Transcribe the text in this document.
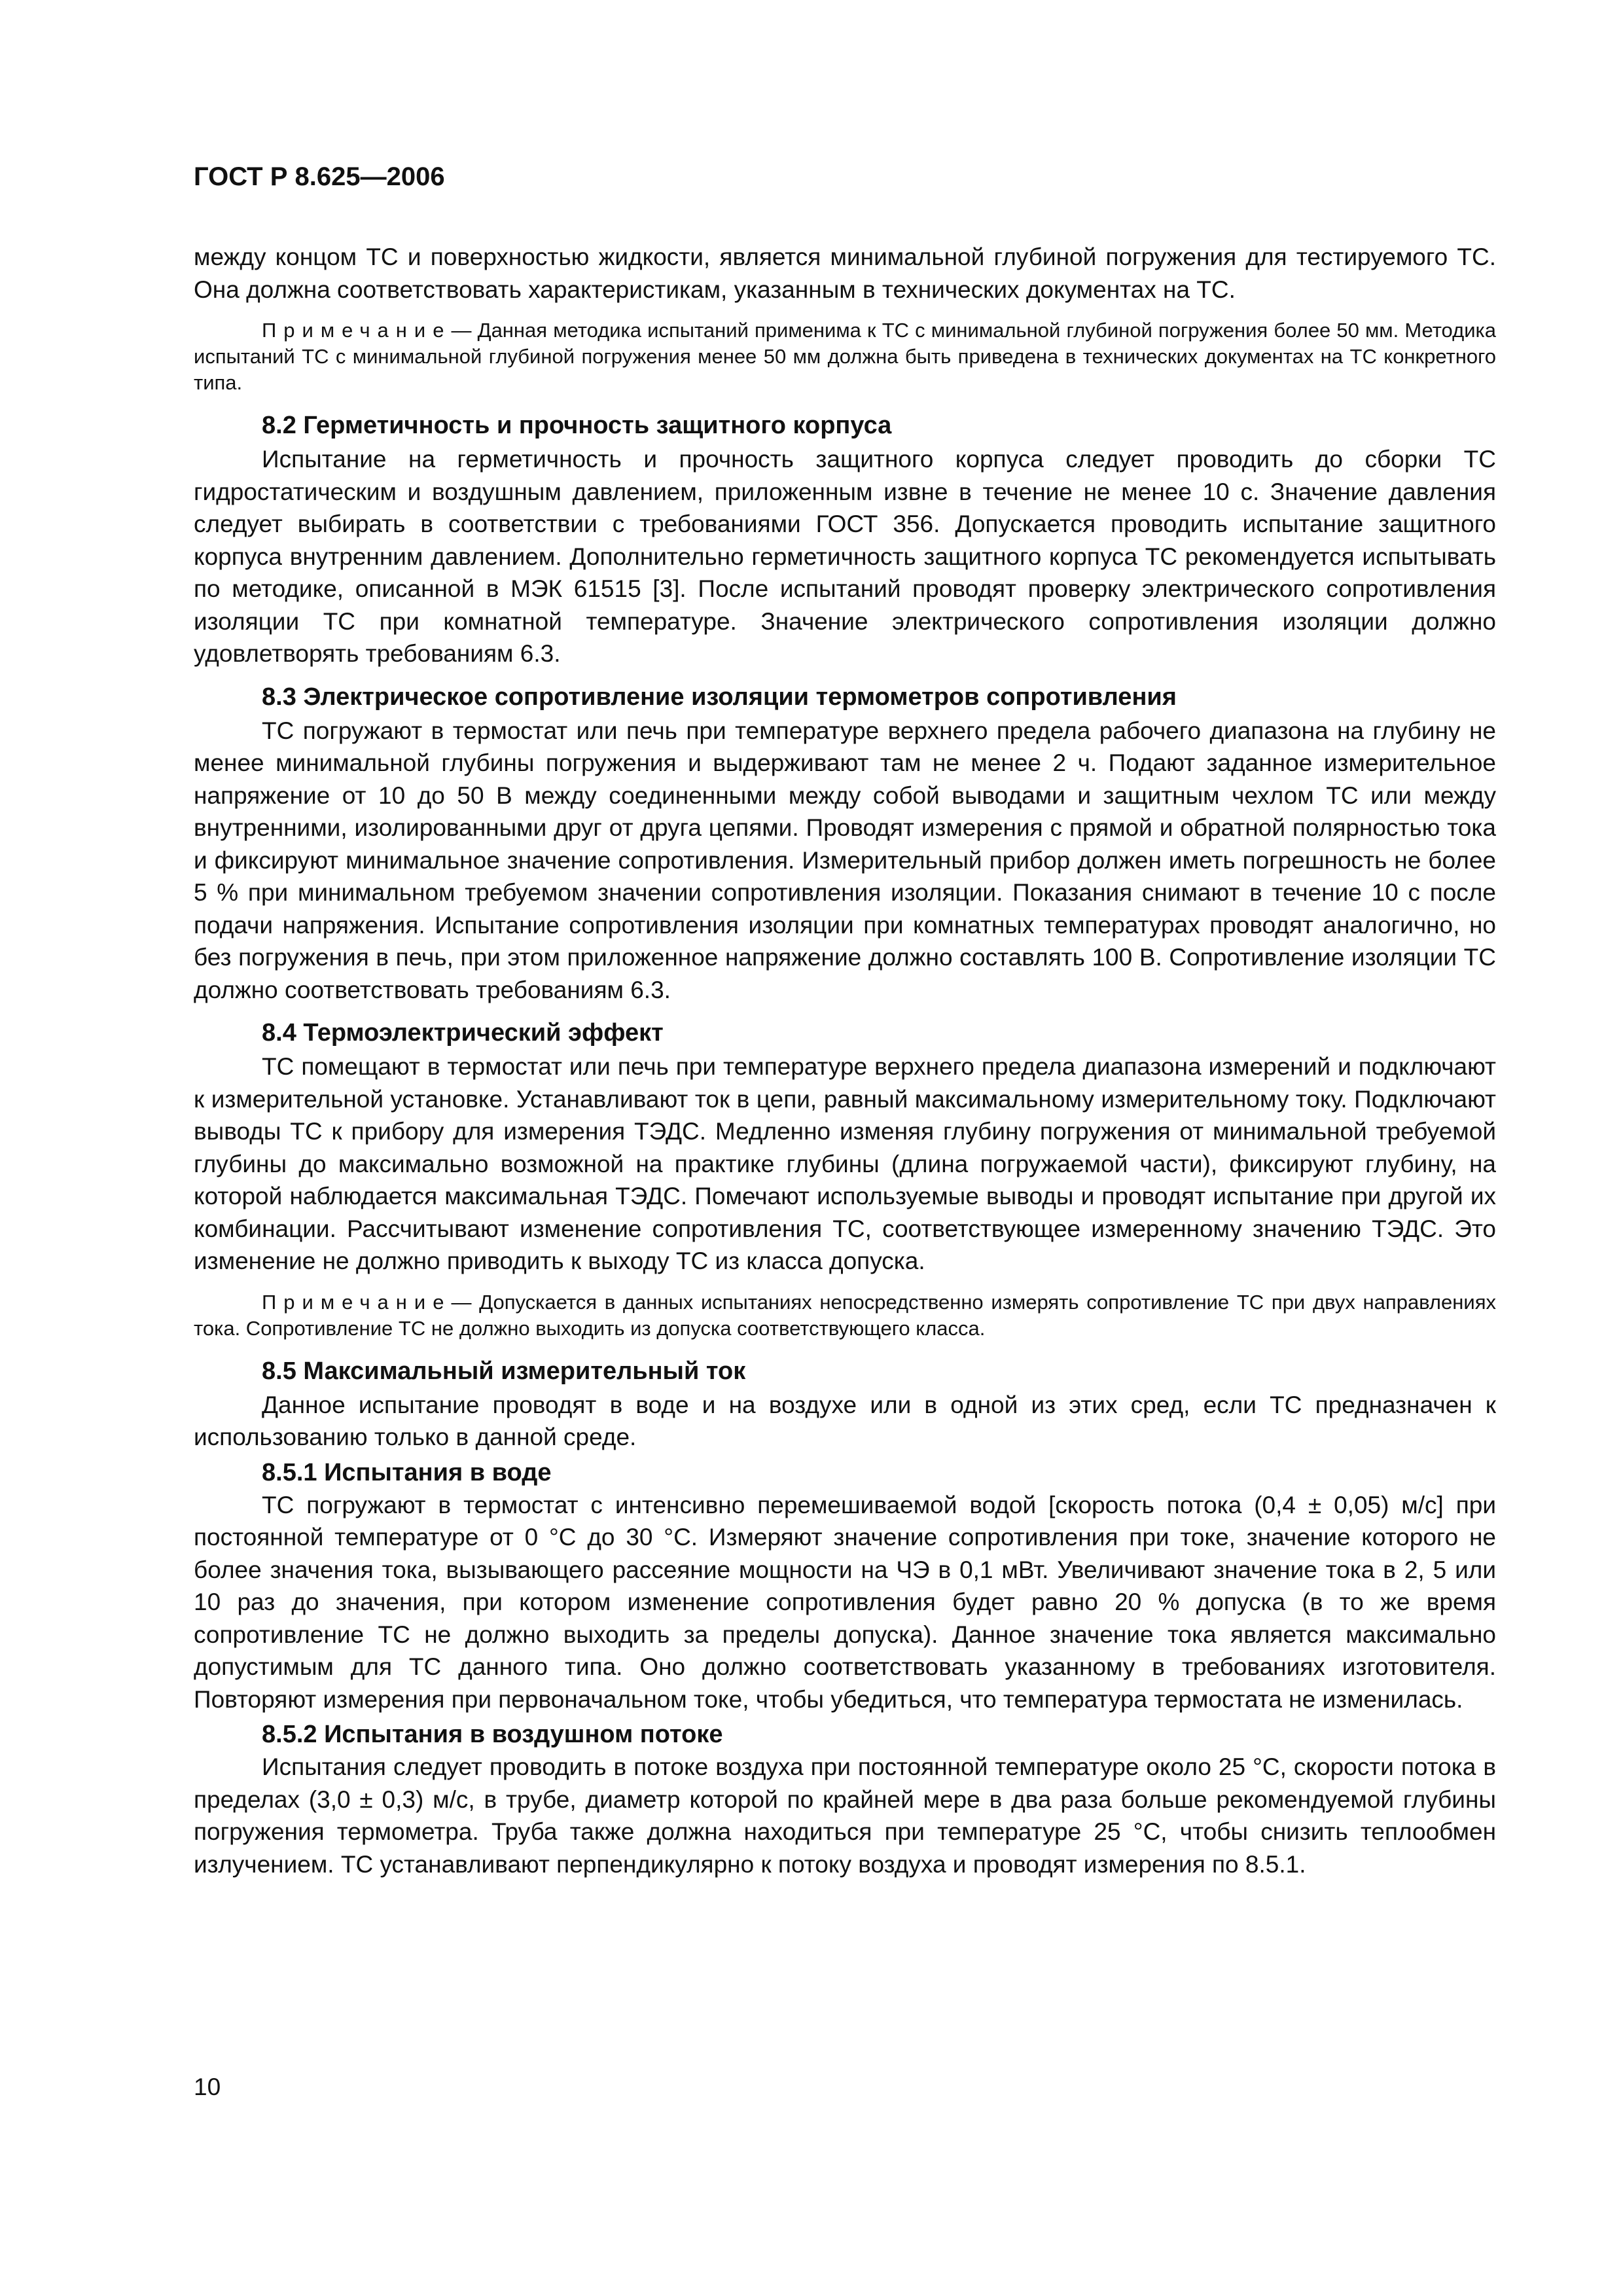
ГОСТ Р 8.625—2006

между концом ТС и поверхностью жидкости, является минимальной глубиной погружения для тестируемого ТС. Она должна соответствовать характеристикам, указанным в технических документах на ТС.

Примечание— Данная методика испытаний применима к ТС с минимальной глубиной погружения более 50 мм. Методика испытаний ТС с минимальной глубиной погружения менее 50 мм должна быть приведена в технических документах на ТС конкретного типа.

8.2 Герметичность и прочность защитного корпуса

Испытание на герметичность и прочность защитного корпуса следует проводить до сборки ТС гидростатическим и воздушным давлением, приложенным извне в течение не менее 10 с. Значение давления следует выбирать в соответствии с требованиями ГОСТ 356. Допускается проводить испытание защитного корпуса внутренним давлением. Дополнительно герметичность защитного корпуса ТС рекомендуется испытывать по методике, описанной в МЭК 61515 [3]. После испытаний проводят проверку электрического сопротивления изоляции ТС при комнатной температуре. Значение электрического сопротивления изоляции должно удовлетворять требованиям 6.3.

8.3 Электрическое сопротивление изоляции термометров сопротивления

ТС погружают в термостат или печь при температуре верхнего предела рабочего диапазона на глубину не менее минимальной глубины погружения и выдерживают там не менее 2 ч. Подают заданное измерительное напряжение от 10 до 50 В между соединенными между собой выводами и защитным чехлом ТС или между внутренними, изолированными друг от друга цепями. Проводят измерения с прямой и обратной полярностью тока и фиксируют минимальное значение сопротивления. Измерительный прибор должен иметь погрешность не более 5 % при минимальном требуемом значении сопротивления изоляции. Показания снимают в течение 10 с после подачи напряжения. Испытание сопротивления изоляции при комнатных температурах проводят аналогично, но без погружения в печь, при этом приложенное напряжение должно составлять 100 В. Сопротивление изоляции ТС должно соответствовать требованиям 6.3.

8.4 Термоэлектрический эффект

ТС помещают в термостат или печь при температуре верхнего предела диапазона измерений и подключают к измерительной установке. Устанавливают ток в цепи, равный максимальному измерительному току. Подключают выводы ТС к прибору для измерения ТЭДС. Медленно изменяя глубину погружения от минимальной требуемой глубины до максимально возможной на практике глубины (длина погружаемой части), фиксируют глубину, на которой наблюдается максимальная ТЭДС. Помечают используемые выводы и проводят испытание при другой их комбинации. Рассчитывают изменение сопротивления ТС, соответствующее измеренному значению ТЭДС. Это изменение не должно приводить к выходу ТС из класса допуска.

Примечание— Допускается в данных испытаниях непосредственно измерять сопротивление ТС при двух направлениях тока. Сопротивление ТС не должно выходить из допуска соответствующего класса.

8.5 Максимальный измерительный ток

Данное испытание проводят в воде и на воздухе или в одной из этих сред, если ТС предназначен к использованию только в данной среде.

8.5.1 Испытания в воде

ТС погружают в термостат с интенсивно перемешиваемой водой [скорость потока (0,4 ± 0,05) м/с] при постоянной температуре от 0 °С до 30 °С. Измеряют значение сопротивления при токе, значение которого не более значения тока, вызывающего рассеяние мощности на ЧЭ в 0,1 мВт. Увеличивают значение тока в 2, 5 или 10 раз до значения, при котором изменение сопротивления будет равно 20 % допуска (в то же время сопротивление ТС не должно выходить за пределы допуска). Данное значение тока является максимально допустимым для ТС данного типа. Оно должно соответствовать указанному в требованиях изготовителя. Повторяют измерения при первоначальном токе, чтобы убедиться, что температура термостата не изменилась.

8.5.2 Испытания в воздушном потоке

Испытания следует проводить в потоке воздуха при постоянной температуре около 25 °С, скорости потока в пределах (3,0 ± 0,3) м/с, в трубе, диаметр которой по крайней мере в два раза больше рекомендуемой глубины погружения термометра. Труба также должна находиться при температуре 25 °С, чтобы снизить теплообмен излучением. ТС устанавливают перпендикулярно к потоку воздуха и проводят измерения по 8.5.1.

10
